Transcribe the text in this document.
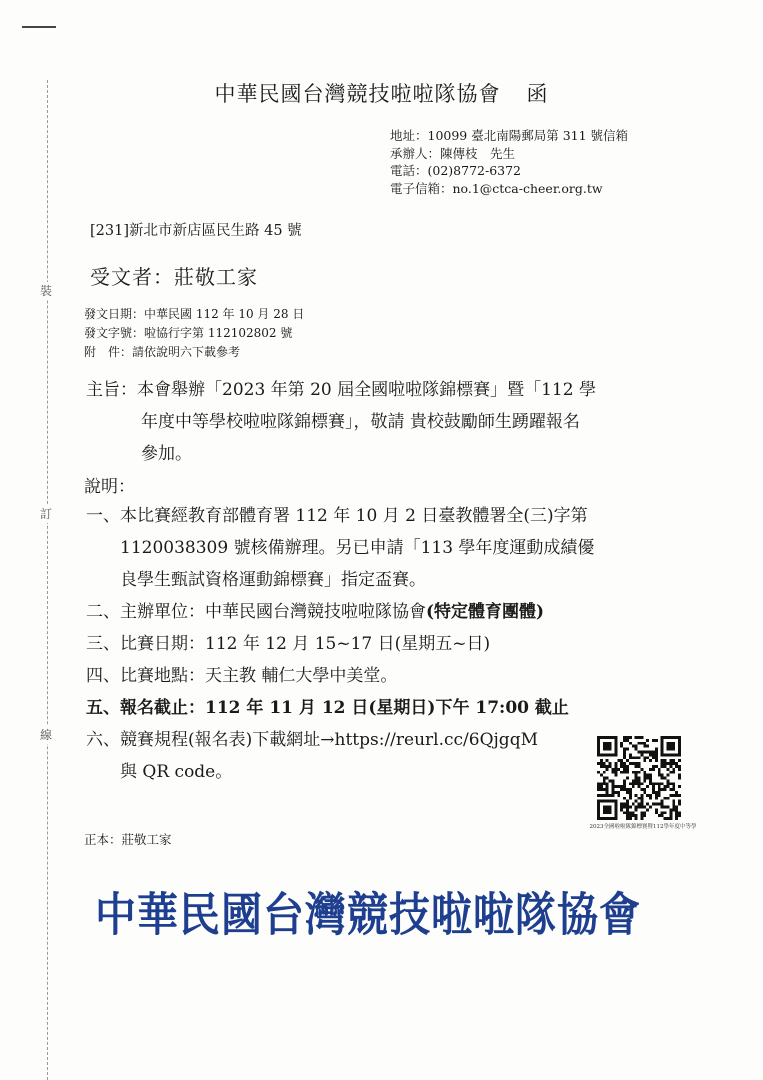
裝
訂
線
中華民國台灣競技啦啦隊協會 函
地址：10099 臺北南陽郵局第 311 號信箱
承辦人：陳傳枝　先生
電話：(02)8772-6372
電子信箱：no.1@ctca-cheer.org.tw
[231]新北市新店區民生路 45 號
受文者：莊敬工家
發文日期：中華民國 112 年 10 月 28 日
發文字號：啦協行字第 112102802 號
附　件：請依說明六下載參考
主旨：本會舉辦「2023 年第 20 屆全國啦啦隊錦標賽」暨「112 學
年度中等學校啦啦隊錦標賽」，敬請 貴校鼓勵師生踴躍報名
參加。
說明：
一、本比賽經教育部體育署 112 年 10 月 2 日臺教體署全(三)字第
1120038309 號核備辦理。另已申請「113 學年度運動成績優
良學生甄試資格運動錦標賽」指定盃賽。
二、主辦單位：中華民國台灣競技啦啦隊協會(特定體育團體)
三、比賽日期：112 年 12 月 15~17 日(星期五~日)
四、比賽地點：天主教 輔仁大學中美堂。
五、報名截止：112 年 11 月 12 日(星期日)下午 17:00 截止
六、競賽規程(報名表)下載網址→https://reurl.cc/6QjgqM
與 QR code。
2023全國啦啦隊錦標賽暨112學年度中等學
正本：莊敬工家
中華民國台灣競技啦啦隊協會
